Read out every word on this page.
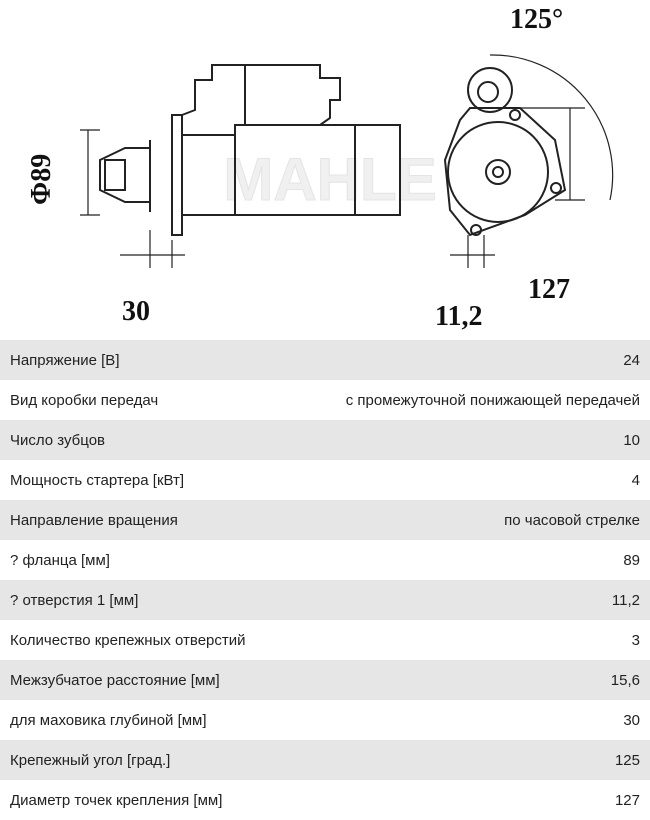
MAHLE
125°
Φ89
30	11,2
127
Напряжение [В]	24
Вид коробки передач	с промежуточной понижающей передачей
Число зубцов	10
Мощность стартера [кВт]	4
Направление вращения	по часовой стрелке
? фланца [мм]	89
? отверстия 1 [мм]	11,2
Количество крепежных отверстий	3
Межзубчатое расстояние [мм]	15,6
для маховика глубиной [мм]	30
Крепежный угол [град.]	125
Диаметр точек крепления [мм]	127
